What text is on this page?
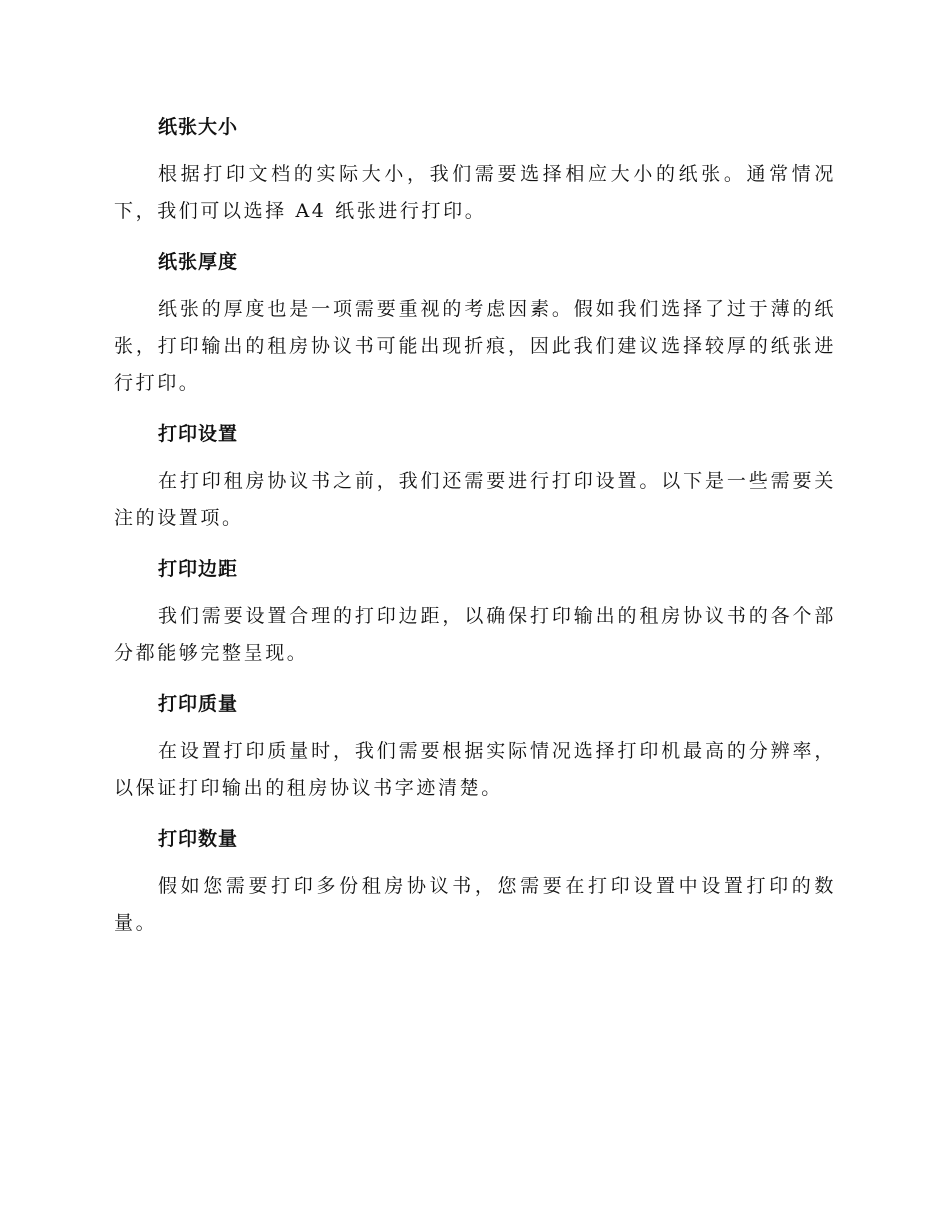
纸张大小

根据打印文档的实际大小，我们需要选择相应大小的纸张。通常情况下，我们可以选择 A4 纸张进行打印。

纸张厚度

纸张的厚度也是一项需要重视的考虑因素。假如我们选择了过于薄的纸张，打印输出的租房协议书可能出现折痕，因此我们建议选择较厚的纸张进行打印。

打印设置

在打印租房协议书之前，我们还需要进行打印设置。以下是一些需要关注的设置项。

打印边距

我们需要设置合理的打印边距，以确保打印输出的租房协议书的各个部分都能够完整呈现。

打印质量

在设置打印质量时，我们需要根据实际情况选择打印机最高的分辨率，以保证打印输出的租房协议书字迹清楚。

打印数量

假如您需要打印多份租房协议书，您需要在打印设置中设置打印的数量。
